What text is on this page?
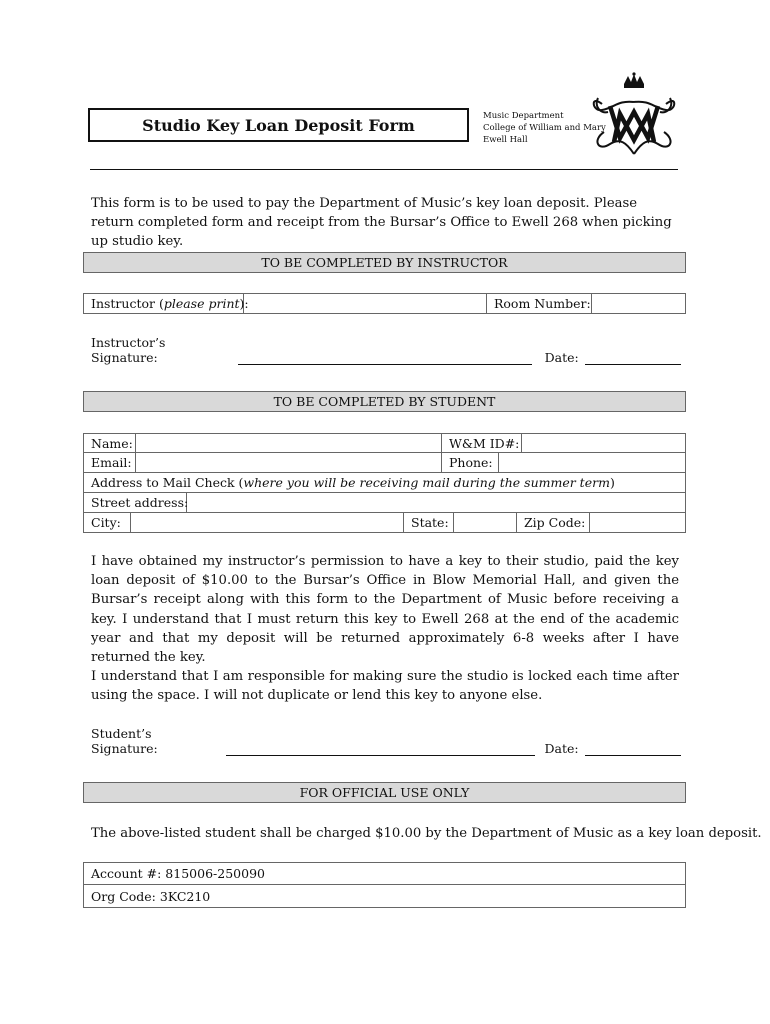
Studio Key Loan Deposit Form	Music Department
College of William and Mary
Ewell Hall
This form is to be used to pay the Department of Music’s key loan deposit. Please return completed form and receipt from the Bursar’s Office to Ewell 268 when picking up studio key.
TO BE COMPLETED BY INSTRUCTOR
Instructor ( please print ):	Room Number:
Instructor’s Signature:	Date:
TO BE COMPLETED BY STUDENT
Name:	W&M ID#:
Email:	Phone:
Address to Mail Check ( where you will be receiving mail during the summer term )
Street address:
City:	State:	Zip Code:
I have obtained my instructor’s permission to have a key to their studio, paid the key loan deposit of $10.00 to the Bursar’s Office in Blow Memorial Hall, and given the Bursar’s receipt along with this form to the Department of Music before receiving a key. I understand that I must return this key to Ewell 268 at the end of the academic year and that my deposit will be returned approximately 6-8 weeks after I have returned the key.
I understand that I am responsible for making sure the studio is locked each time after using the space. I will not duplicate or lend this key to anyone else.
Student’s Signature:	Date:
FOR OFFICIAL USE ONLY
The above-listed student shall be charged $10.00 by the Department of Music as a key loan deposit.
Account #: 815006-250090
Org Code: 3KC210
